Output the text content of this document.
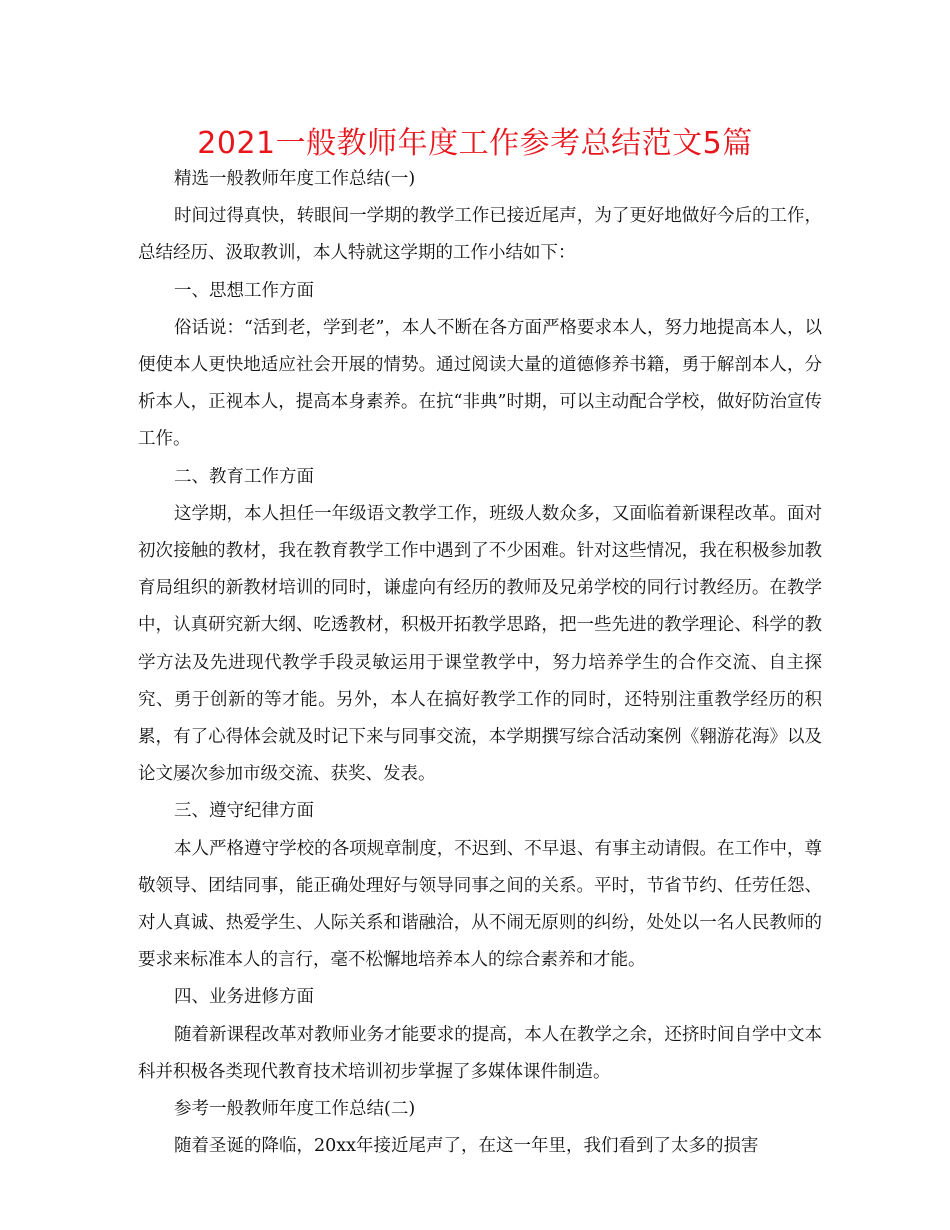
2021一般教师年度工作参考总结范文5篇

精选一般教师年度工作总结(一)

时间过得真快，转眼间一学期的教学工作已接近尾声，为了更好地做好今后的工作，总结经历、汲取教训，本人特就这学期的工作小结如下：

一、思想工作方面

俗话说：“活到老，学到老”，本人不断在各方面严格要求本人，努力地提高本人，以便使本人更快地适应社会开展的情势。通过阅读大量的道德修养书籍，勇于解剖本人，分析本人，正视本人，提高本身素养。在抗“非典”时期，可以主动配合学校，做好防治宣传工作。

二、教育工作方面

这学期，本人担任一年级语文教学工作，班级人数众多，又面临着新课程改革。面对初次接触的教材，我在教育教学工作中遇到了不少困难。针对这些情况，我在积极参加教育局组织的新教材培训的同时，谦虚向有经历的教师及兄弟学校的同行讨教经历。在教学中，认真研究新大纲、吃透教材，积极开拓教学思路，把一些先进的教学理论、科学的教学方法及先进现代教学手段灵敏运用于课堂教学中，努力培养学生的合作交流、自主探究、勇于创新的等才能。另外，本人在搞好教学工作的同时，还特别注重教学经历的积累，有了心得体会就及时记下来与同事交流，本学期撰写综合活动案例《翱游花海》以及论文屡次参加市级交流、获奖、发表。

三、遵守纪律方面

本人严格遵守学校的各项规章制度，不迟到、不早退、有事主动请假。在工作中，尊敬领导、团结同事，能正确处理好与领导同事之间的关系。平时，节省节约、任劳任怨、对人真诚、热爱学生、人际关系和谐融洽，从不闹无原则的纠纷，处处以一名人民教师的要求来标准本人的言行，毫不松懈地培养本人的综合素养和才能。

四、业务进修方面

随着新课程改革对教师业务才能要求的提高，本人在教学之余，还挤时间自学中文本科并积极各类现代教育技术培训初步掌握了多媒体课件制造。

参考一般教师年度工作总结(二)

随着圣诞的降临，20xx年接近尾声了，在这一年里，我们看到了太多的损害
